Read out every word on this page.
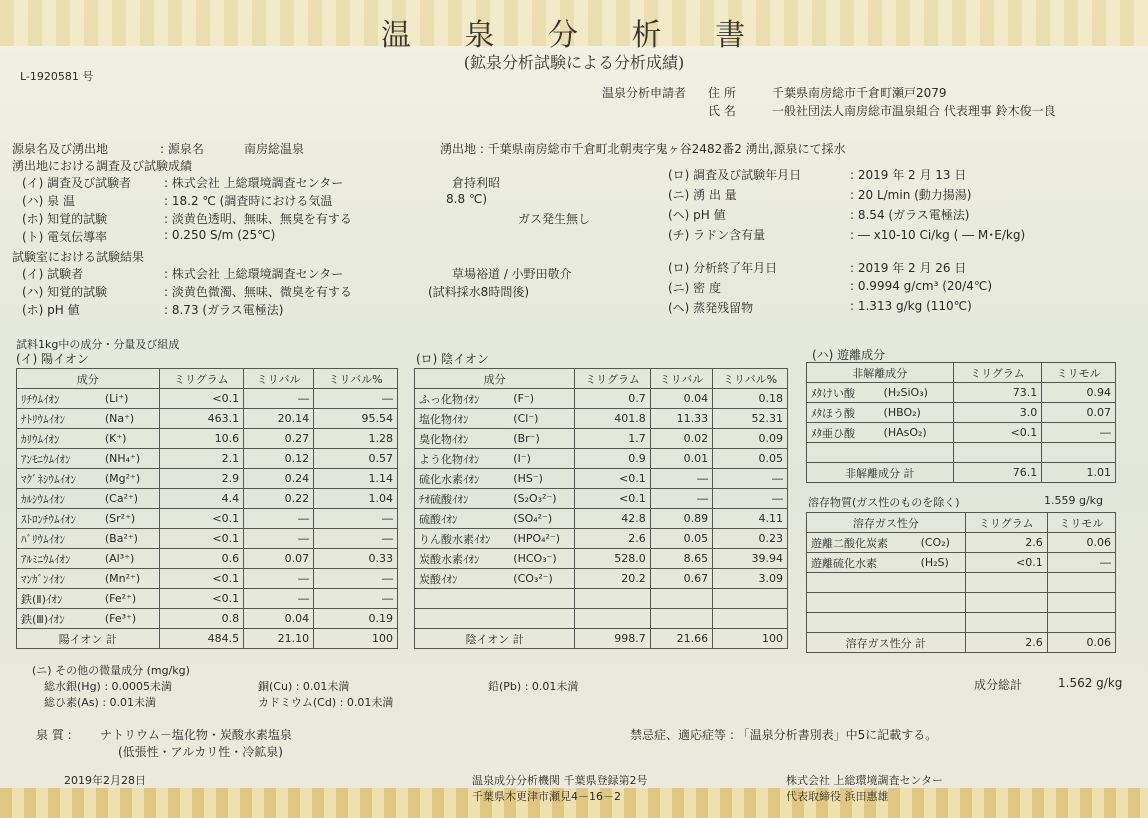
温 泉 分 析 書
(鉱泉分析試験による分析成績)
L-1920581 号
温泉分析申請者 住 所	千葉県南房総市千倉町瀬戸2079
氏 名	一般社団法人南房総市温泉組合 代表理事 鈴木俊一良
源泉名及び湧出地	: 源泉名	南房総温泉	湧出地 : 千葉県南房総市千倉町北朝夷字鬼ヶ谷2482番2 湧出,源泉にて採水
湧出地における調査及び試験成績
(イ) 調査及び試験者	: 株式会社 上総環境調査センター
(ハ) 泉 温	: 18.2 ℃ (調査時における気温
(ホ) 知覚的試験	: 淡黄色透明、無味、無臭を有する
(ト) 電気伝導率	: 0.250 S/m (25℃)
倉持利昭
8.8 ℃)
ガス発生無し
(ロ) 調査及び試験年月日	: 2019 年 2 月 13 日
(ニ) 湧 出 量	: 20 L/min (動力揚湯)
(ヘ) pH 値	: 8.54 (ガラス電極法)
(チ) ラドン含有量	: ― x10-10 Ci/kg ( ― M･E/kg)
試験室における試験結果
(イ) 試験者	: 株式会社 上総環境調査センター
(ハ) 知覚的試験	: 淡黄色微濁、無味、微臭を有する
(ホ) pH 値	: 8.73 (ガラス電極法)
草場裕道 / 小野田敬介
(試料採水8時間後)
(ロ) 分析終了年月日	: 2019 年 2 月 26 日
(ニ) 密 度	: 0.9994 g/cm³ (20/4℃)
(ヘ) 蒸発残留物	: 1.313 g/kg (110℃)
試料1kg中の成分・分量及び組成
(イ) 陽イオン	(ロ) 陰イオン	(ハ) 遊離成分
成分		ミリグラム	ミリバル	ミリバル%
ﾘﾁｳﾑｲｵﾝ	(Li⁺)	<0.1	―	―
ﾅﾄﾘｳﾑｲｵﾝ	(Na⁺)	463.1	20.14	95.54
ｶﾘｳﾑｲｵﾝ	(K⁺)	10.6	0.27	1.28
ｱﾝﾓﾆｳﾑｲｵﾝ	(NH₄⁺)	2.1	0.12	0.57
ﾏｸﾞﾈｼｳﾑｲｵﾝ	(Mg²⁺)	2.9	0.24	1.14
ｶﾙｼｳﾑｲｵﾝ	(Ca²⁺)	4.4	0.22	1.04
ｽﾄﾛﾝﾁｳﾑｲｵﾝ	(Sr²⁺)	<0.1	―	―
ﾊﾞﾘｳﾑｲｵﾝ	(Ba²⁺)	<0.1	―	―
ｱﾙﾐﾆｳﾑｲｵﾝ	(Al³⁺)	0.6	0.07	0.33
ﾏﾝｶﾞﾝｲｵﾝ	(Mn²⁺)	<0.1	―	―
鉄(Ⅱ)ｲｵﾝ	(Fe²⁺)	<0.1	―	―
鉄(Ⅲ)ｲｵﾝ	(Fe³⁺)	0.8	0.04	0.19
陽イオン 計		484.5	21.10	100
成分		ミリグラム	ミリバル	ミリバル%
ふっ化物ｲｵﾝ	(F⁻)	0.7	0.04	0.18
塩化物ｲｵﾝ	(Cl⁻)	401.8	11.33	52.31
臭化物ｲｵﾝ	(Br⁻)	1.7	0.02	0.09
よう化物ｲｵﾝ	(I⁻)	0.9	0.01	0.05
硫化水素ｲｵﾝ	(HS⁻)	<0.1	―	―
ﾁｵ硫酸ｲｵﾝ	(S₂O₃²⁻)	<0.1	―	―
硫酸ｲｵﾝ	(SO₄²⁻)	42.8	0.89	4.11
りん酸水素ｲｵﾝ	(HPO₄²⁻)	2.6	0.05	0.23
炭酸水素ｲｵﾝ	(HCO₃⁻)	528.0	8.65	39.94
炭酸ｲｵﾝ	(CO₃²⁻)	20.2	0.67	3.09

陰イオン 計		998.7	21.66	100
非解離成分		ミリグラム	ミリモル
ﾒﾀけい酸	(H₂SiO₃)	73.1	0.94
ﾒﾀほう酸	(HBO₂)	3.0	0.07
ﾒﾀ亜ひ酸	(HAsO₂)	<0.1	―

非解離成分 計		76.1	1.01
溶存物質(ガス性のものを除く)	1.559 g/kg
溶存ガス性分		ミリグラム	ミリモル
遊離二酸化炭素	(CO₂)	2.6	0.06
遊離硫化水素	(H₂S)	<0.1	―

溶存ガス性分 計		2.6	0.06
(ニ) その他の微量成分 (mg/kg)
総水銀(Hg) : 0.0005未満	銅(Cu) : 0.01未満	鉛(Pb) : 0.01未満
総ひ素(As) : 0.01未満	カドミウム(Cd) : 0.01未満
成分総計	1.562 g/kg
泉 質 : ナトリウム－塩化物・炭酸水素塩泉
(低張性・アルカリ性・冷鉱泉)
禁忌症、適応症等 : 「温泉分析書別表」中5に記載する。
2019年2月28日	温泉成分分析機関 千葉県登録第2号
千葉県木更津市瀬見4－16－2
株式会社 上総環境調査センター
代表取締役 浜田惠雄
